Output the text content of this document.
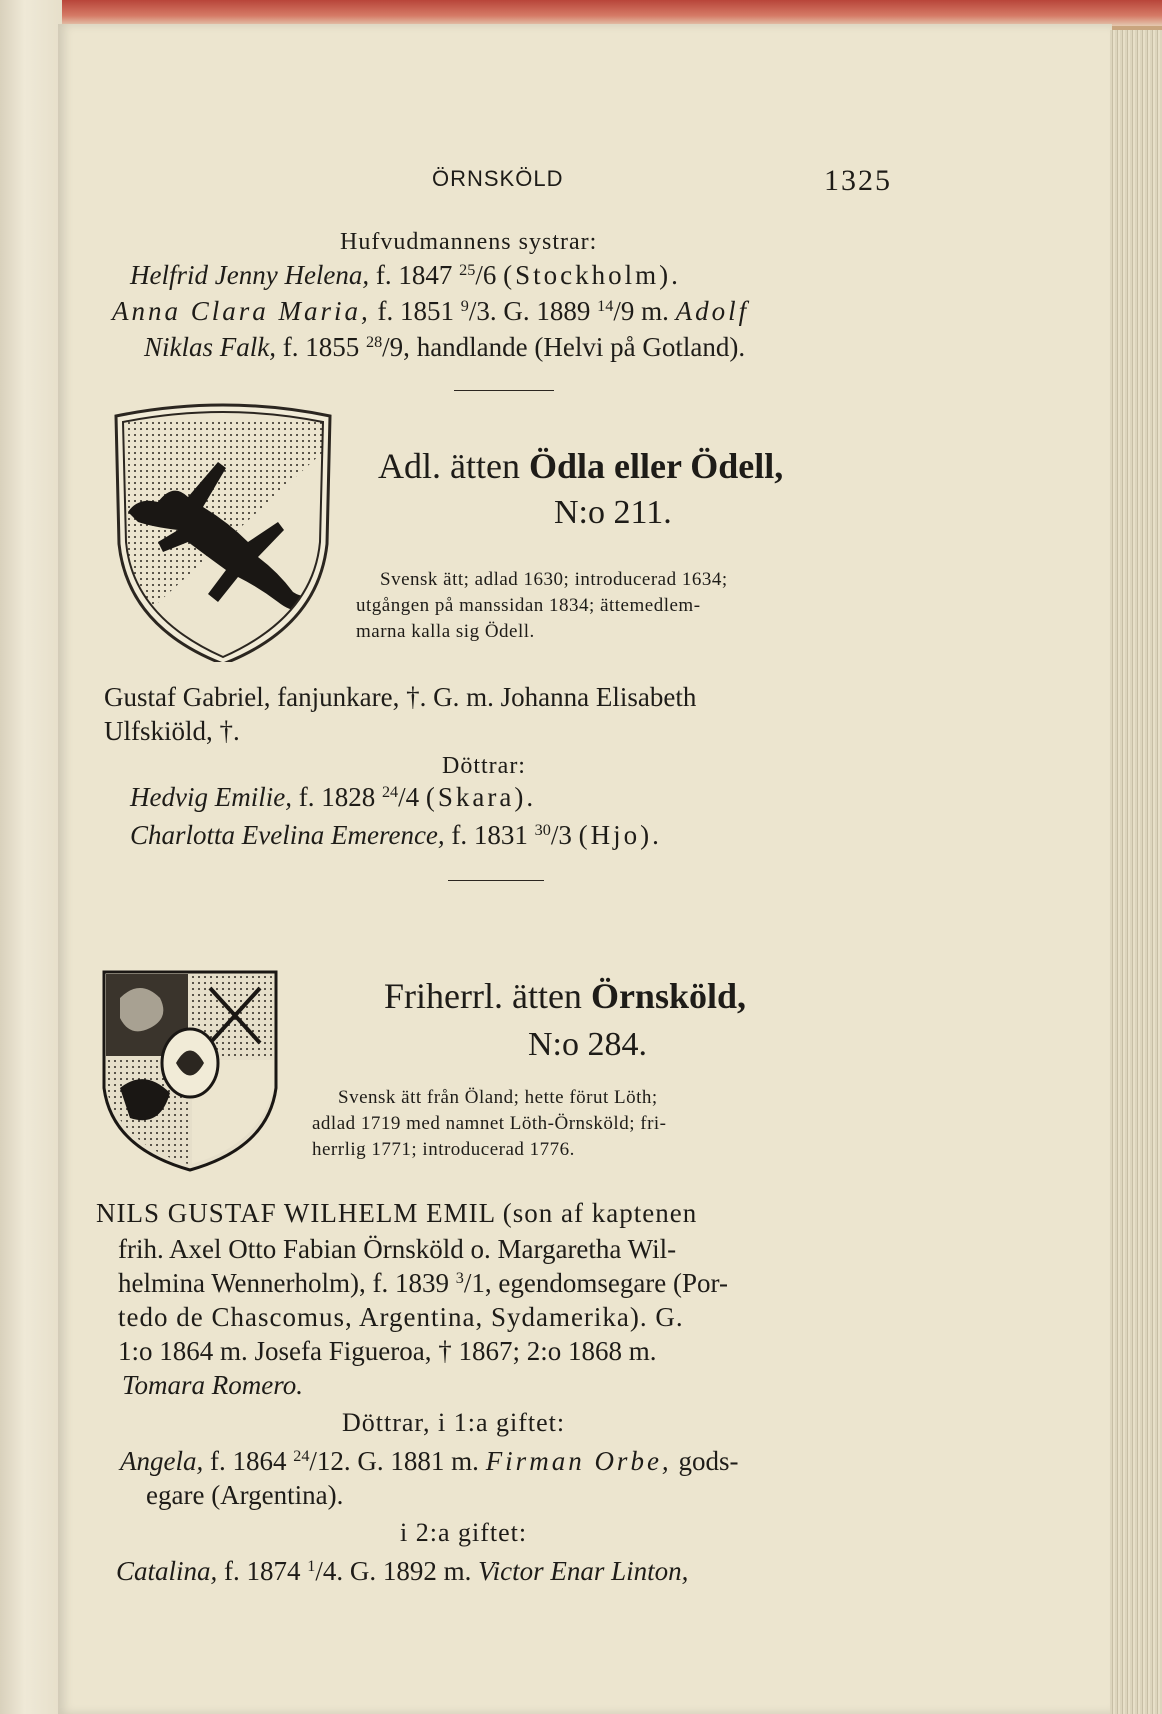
ÖRNSKÖLD	1325
Hufvudmannens systrar:
Helfrid Jenny Helena, f. 1847 $^{25}$/6 (Stockholm).
Anna Clara Maria, f. 1851 $^9$/3. G. 1889 $^{14}$/9 m. Adolf
Niklas Falk, f. 1855 $^{28}$/9, handlande (Helvi på Gotland).
Adl. ätten Ödla eller Ödell,
N:o 211.
Svensk ätt; adlad 1630; introducerad 1634;
utgången på manssidan 1834; ättemedlem-
marna kalla sig Ödell.
Gustaf Gabriel, fanjunkare, †. G. m. Johanna Elisabeth
Ulfskiöld, †.
Döttrar:
Hedvig Emilie, f. 1828 $^{24}$/4 (Skara).
Charlotta Evelina Emerence, f. 1831 $^{30}$/3 (Hjo).
Friherrl. ätten Örnsköld,
N:o 284.
Svensk ätt från Öland; hette förut Löth;
adlad 1719 med namnet Löth-Örnsköld; fri-
herrlig 1771; introducerad 1776.
NILS GUSTAF WILHELM EMIL (son af kaptenen
frih. Axel Otto Fabian Örnsköld o. Margaretha Wil-
helmina Wennerholm), f. 1839 $^3$/1, egendomsegare (Por-
tedo de Chascomus, Argentina, Sydamerika). G.
1:o 1864 m. Josefa Figueroa, † 1867; 2:o 1868 m.
Tomara Romero.
Döttrar, i 1:a giftet:
Angela, f. 1864 $^{24}$/12. G. 1881 m. Firman Orbe, gods-
egare (Argentina).
i 2:a giftet:
Catalina, f. 1874 $^1$/4. G. 1892 m. Victor Enar Linton,
